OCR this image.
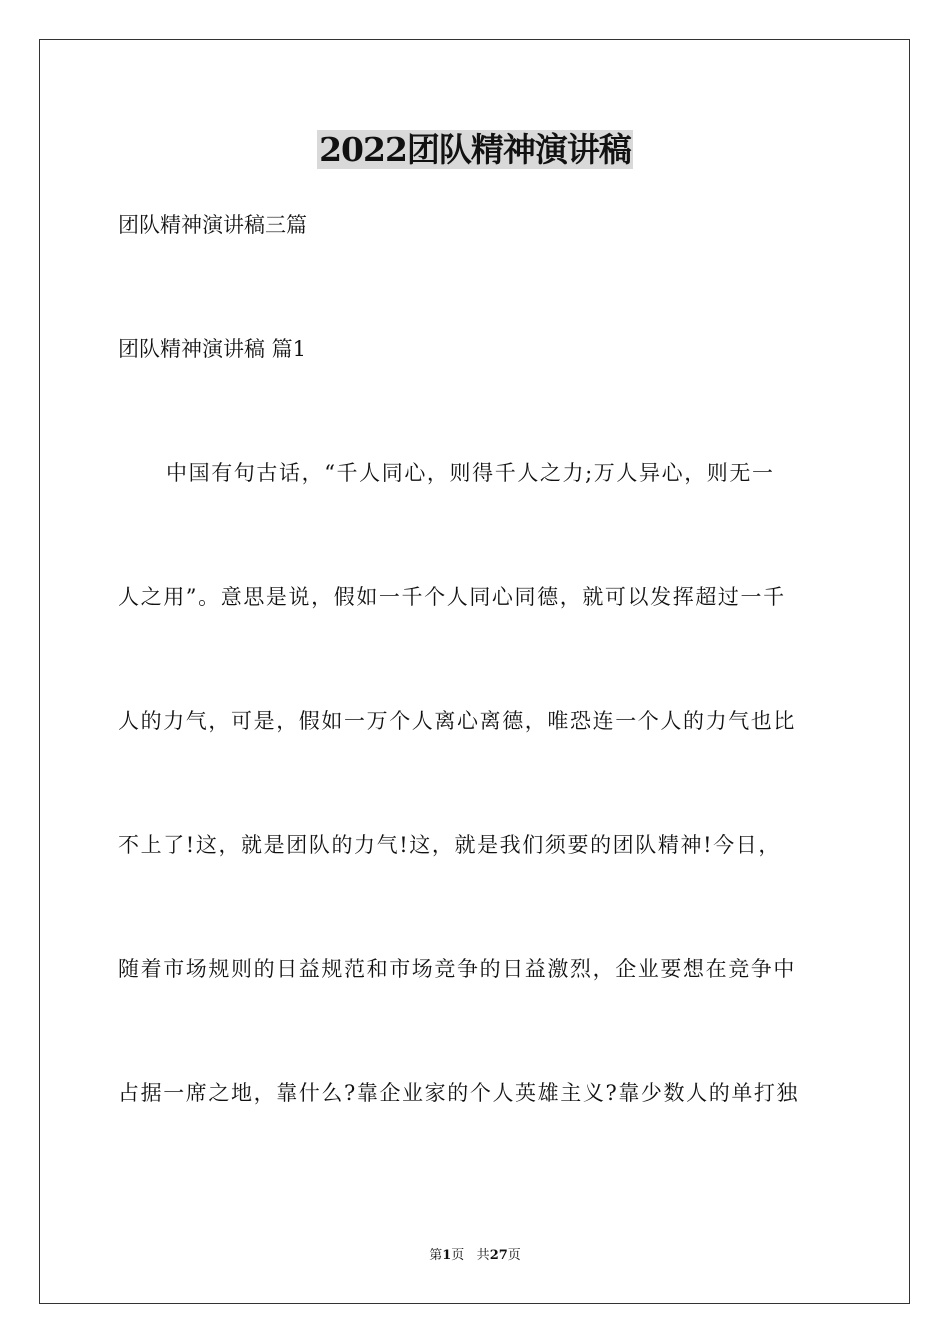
2022团队精神演讲稿

团队精神演讲稿三篇

团队精神演讲稿 篇1

中国有句古话，“千人同心，则得千人之力;万人异心，则无一

人之用”。意思是说，假如一千个人同心同德，就可以发挥超过一千

人的力气，可是，假如一万个人离心离德，唯恐连一个人的力气也比

不上了!这，就是团队的力气!这，就是我们须要的团队精神!今日，

随着市场规则的日益规范和市场竞争的日益激烈，企业要想在竞争中

占据一席之地，靠什么?靠企业家的个人英雄主义?靠少数人的单打独

第1页 共27页
